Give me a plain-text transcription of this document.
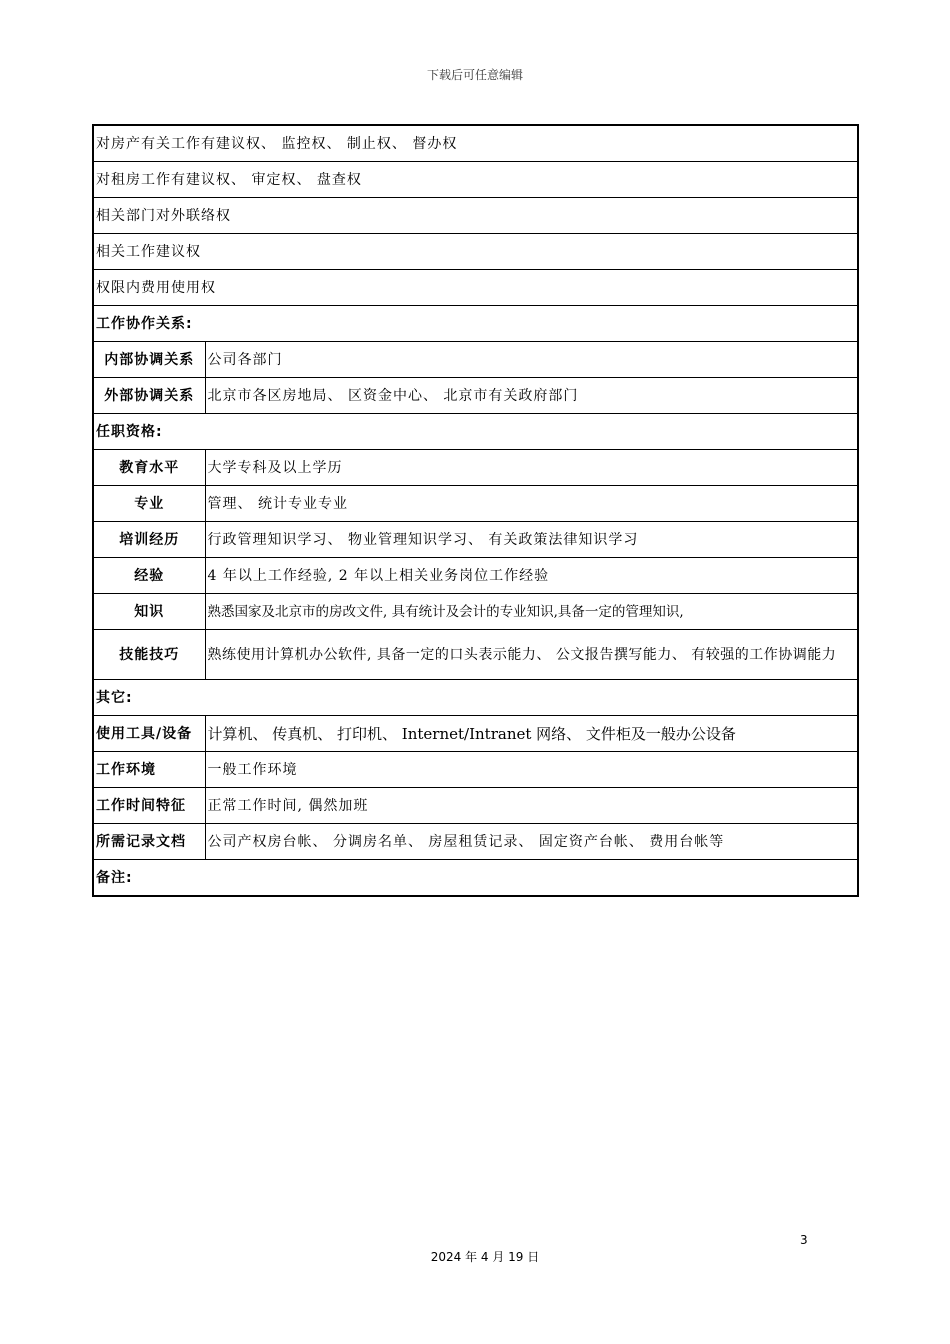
下载后可任意编辑
对房产有关工作有建议权、 监控权、 制止权、 督办权	
对租房工作有建议权、 审定权、 盘查权	
相关部门对外联络权	
相关工作建议权	
权限内费用使用权	
工作协作关系:	
内部协调关系	公司各部门
外部协调关系	北京市各区房地局、 区资金中心、 北京市有关政府部门
任职资格:	
教育水平	大学专科及以上学历
专业	管理、 统计专业专业
培训经历	行政管理知识学习、 物业管理知识学习、 有关政策法律知识学习
经验	4 年以上工作经验, 2 年以上相关业务岗位工作经验
知识	熟悉国家及北京市的房改文件, 具有统计及会计的专业知识,具备一定的管理知识,
技能技巧	熟练使用计算机办公软件, 具备一定的口头表示能力、 公文报告撰写能力、 有较强的工作协调能力
其它:	
使用工具/设备	计算机、 传真机、 打印机、 Internet/Intranet 网络、 文件柜及一般办公设备
工作环境	一般工作环境
工作时间特征	正常工作时间, 偶然加班
所需记录文档	公司产权房台帐、 分调房名单、 房屋租赁记录、 固定资产台帐、 费用台帐等
备注:	
3
2024 年 4 月 19 日
